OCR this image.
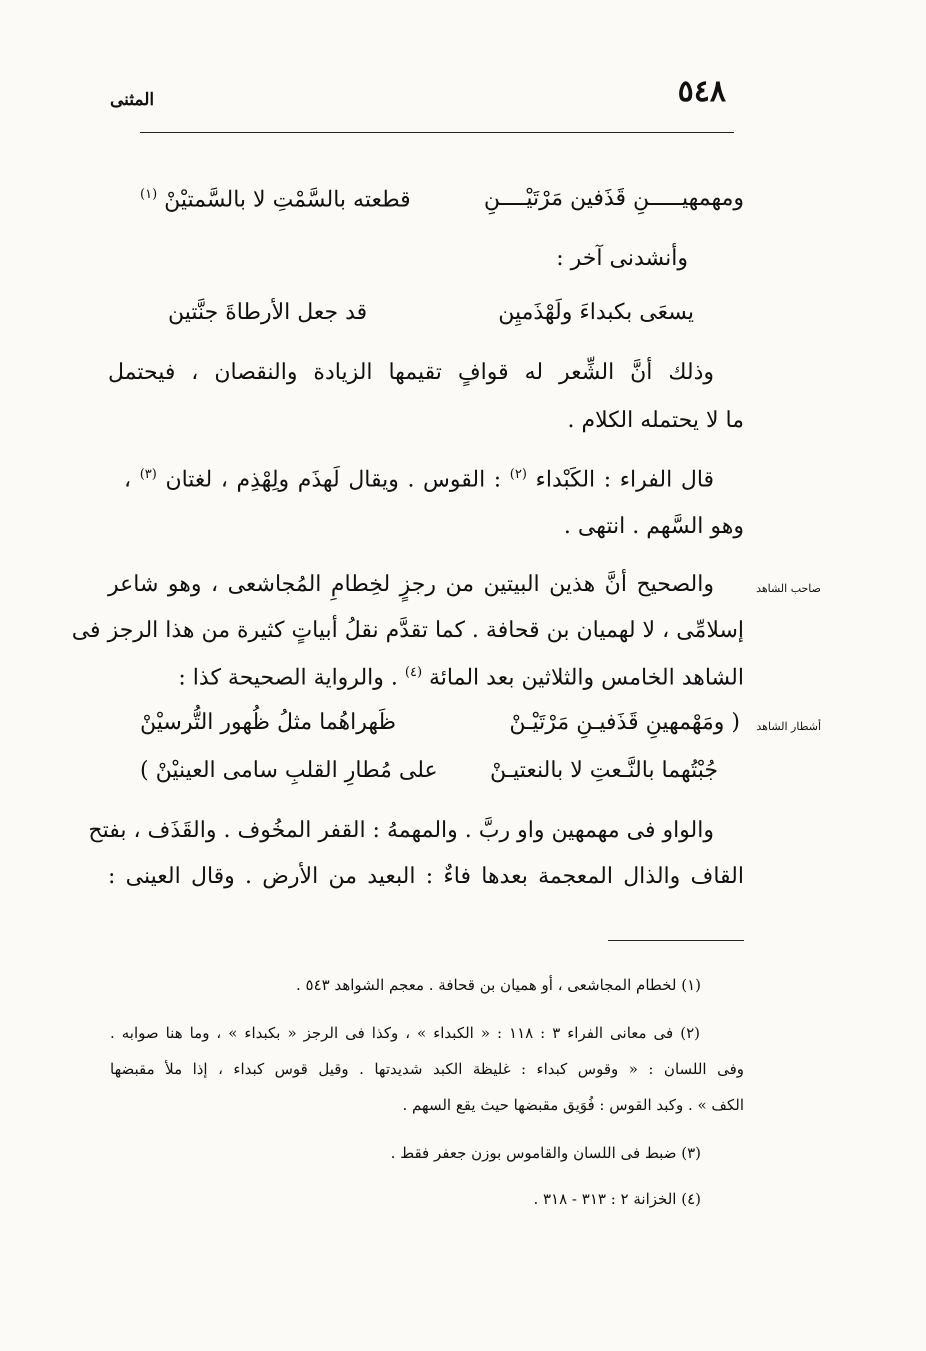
٥٤٨
المثنى
ومهمهيـــــنِ قَذَفين مَرْتَيْــــنِ
قطعته بالسَّمْتِ لا بالسَّمتيْنْ $^{(١)}$
وأنشدنى آخر :
يسعَى بكبداءَ ولَهْذَميِن
قد جعل الأرطاةَ جنَّتين
وذلك أنَّ الشِّعر له قوافٍ تقيمها الزيادة والنقصان ، فيحتمل
ما لا يحتمله الكلام .
قال الفراء : الكَبْداء $^{(٢)}$ : القوس . ويقال لَهذَم ولِهْذِم ، لغتان $^{(٣)}$ ،
وهو السَّهم . انتهى .
صاحب الشاهد
والصحيح أنَّ هذين البيتين من رجزٍ لخِطامِ المُجاشعى ، وهو شاعر
إسلامِّى ، لا لهميان بن قحافة . كما تقدَّم نقلُ أبياتٍ كثيرة من هذا الرجز فى
الشاهد الخامس والثلاثين بعد المائة $^{(٤)}$ . والرواية الصحيحة كذا :
أشطار الشاهد
( ومَهْمهينِ قَذَفيـنِ مَرْتَيْـنْ
ظَهراهُما مثلُ ظُهور التُّرسيْنْ
جُبْتُهما بالنَّـعتِ لا بالنعتيـنْ
على مُطارِ القلبِ سامى العينيْنْ )
والواو فى مهمهين واو ربَّ . والمهمهُ : القفر المخُوف . والقَذَف ، بفتح
القاف والذال المعجمة بعدها فاءٌ : البعيد من الأرض . وقال العينى :
(١) لخطام المجاشعى ، أو هميان بن قحافة . معجم الشواهد ٥٤٣ .
(٢) فى معانى الفراء ٣ : ١١٨ : « الكبداء » ، وكذا فى الرجز « بكبداء » ، وما هنا صوابه .
وفى اللسان : « وقوس كبداء : غليظة الكبد شديدتها . وقيل قوس كبداء ، إذا ملأ مقبضها
الكف » . وكبد القوس : فُوَيق مقبضها حيث يقع السهم .
(٣) ضبط فى اللسان والقاموس بوزن جعفر فقط .
(٤) الخزانة ٢ : ٣١٣ - ٣١٨ .
